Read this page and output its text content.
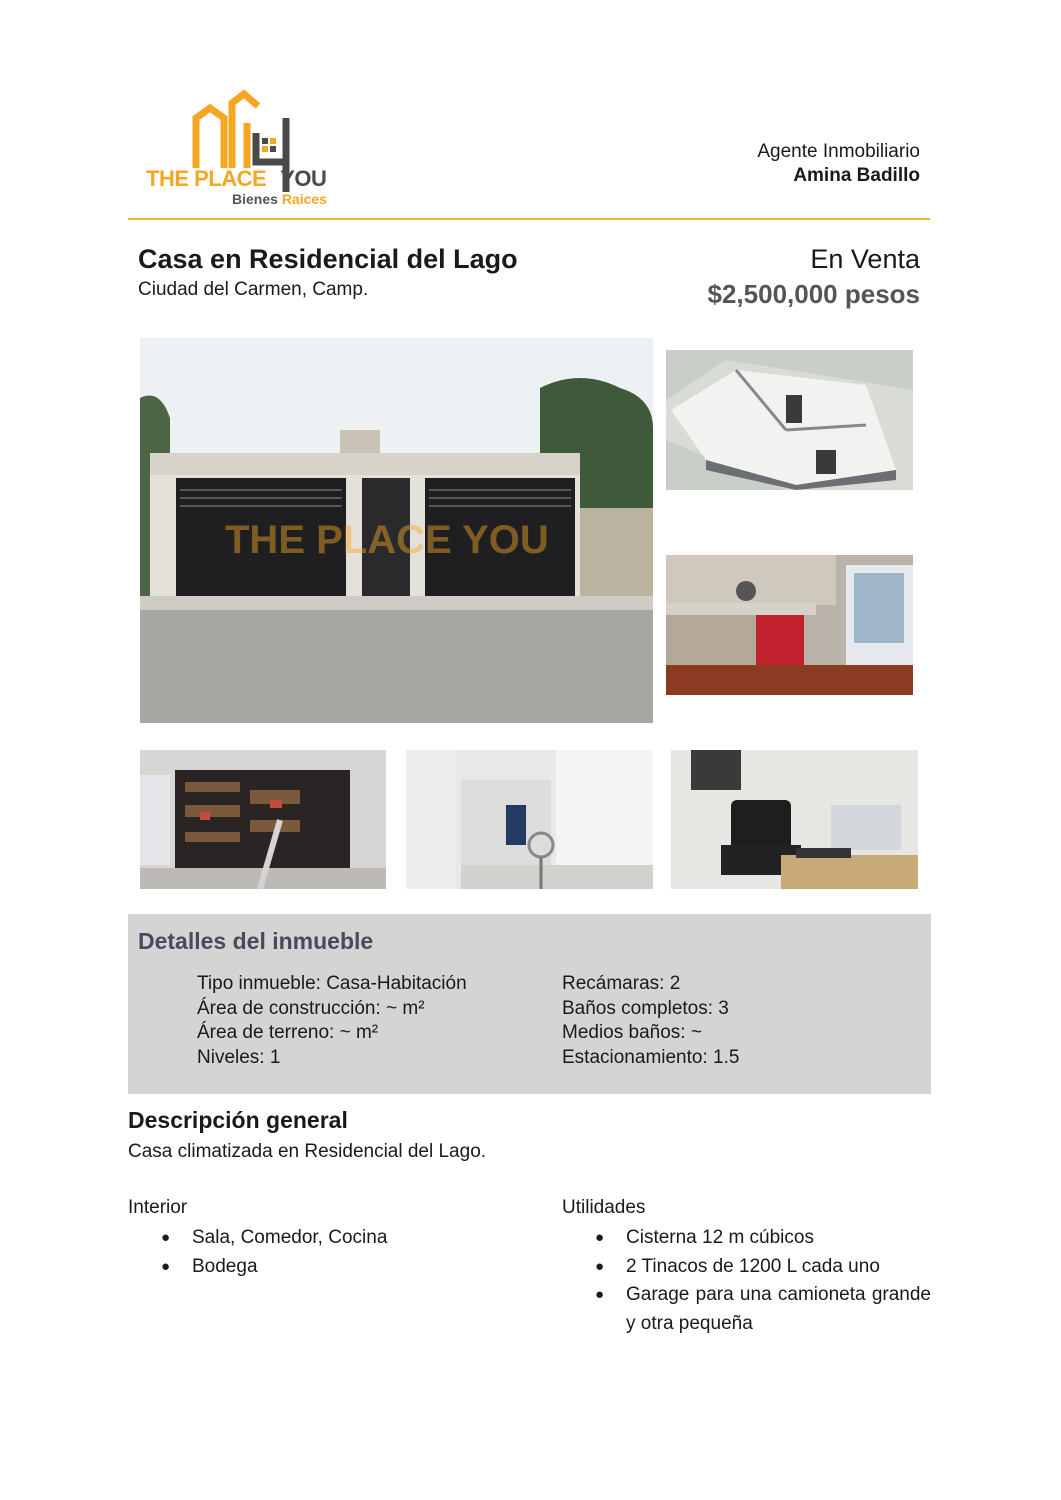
THE PLACE YOU
Bienes Raices
Agente Inmobiliario
Amina Badillo
Casa en Residencial del Lago
Ciudad del Carmen, Camp.
En Venta
$2,500,000 pesos
THE PLACE YOU
Detalles del inmueble
Tipo inmueble: Casa-Habitación
Área de construcción: ~ m²
Área de terreno: ~ m²
Niveles: 1
Recámaras: 2
Baños completos: 3
Medios baños: ~
Estacionamiento: 1.5
Descripción general
Casa climatizada en Residencial del Lago.
Interior
● Sala, Comedor, Cocina
● Bodega
Utilidades
● Cisterna 12 m cúbicos
● 2 Tinacos de 1200 L cada uno
● Garage para una camioneta grande y otra pequeña
